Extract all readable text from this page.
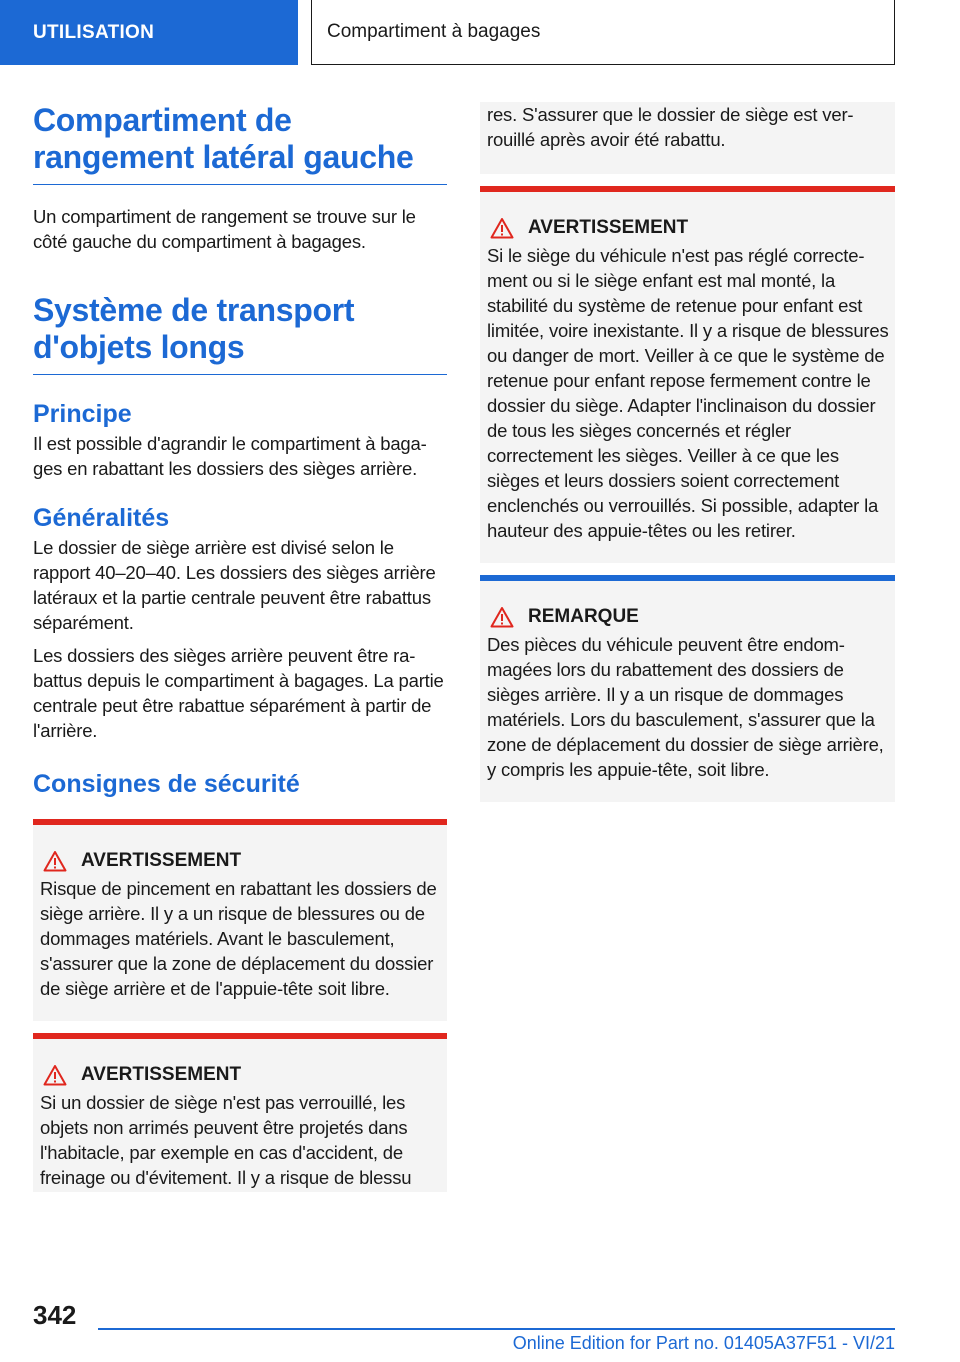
UTILISATION	Compartiment à bagages
Compartiment de rangement latéral gauche

Un compartiment de rangement se trouve sur le côté gauche du compartiment à bagages.

Système de transport d'objets longs
Principe

Il est possible d'agrandir le compartiment à bagages en rabattant les dossiers des sièges arrière.

Généralités

Le dossier de siège arrière est divisé selon le rapport 40–20–40. Les dossiers des sièges arrière latéraux et la partie centrale peuvent être rabattus séparément.

Les dossiers des sièges arrière peuvent être rabattus depuis le compartiment à bagages. La partie centrale peut être rabattue séparément à partir de l'arrière.

Consignes de sécurité
AVERTISSEMENT

Risque de pincement en rabattant les dossiers de siège arrière. Il y a un risque de blessures ou de dommages matériels. Avant le basculement, s'assurer que la zone de déplacement du dossier de siège arrière et de l'appuie-tête soit libre.

AVERTISSEMENT

Si un dossier de siège n'est pas verrouillé, les objets non arrimés peuvent être projetés dans l'habitacle, par exemple en cas d'accident, de freinage ou d'évitement. Il y a risque de blessu

res. S'assurer que le dossier de siège est verrouillé après avoir été rabattu.

AVERTISSEMENT

Si le siège du véhicule n'est pas réglé correctement ou si le siège enfant est mal monté, la stabilité du système de retenue pour enfant est limitée, voire inexistante. Il y a risque de blessures ou danger de mort. Veiller à ce que le système de retenue pour enfant repose fermement contre le dossier du siège. Adapter l'inclinaison du dossier de tous les sièges concernés et régler correctement les sièges. Veiller à ce que les sièges et leurs dossiers soient correctement enclenchés ou verrouillés. Si possible, adapter la hauteur des appuie-têtes ou les retirer.

REMARQUE

Des pièces du véhicule peuvent être endommagées lors du rabattement des dossiers de sièges arrière. Il y a un risque de dommages matériels. Lors du basculement, s'assurer que la zone de déplacement du dossier de siège arrière, y compris les appuie-tête, soit libre.

342
Online Edition for Part no. 01405A37F51 - VI/21
